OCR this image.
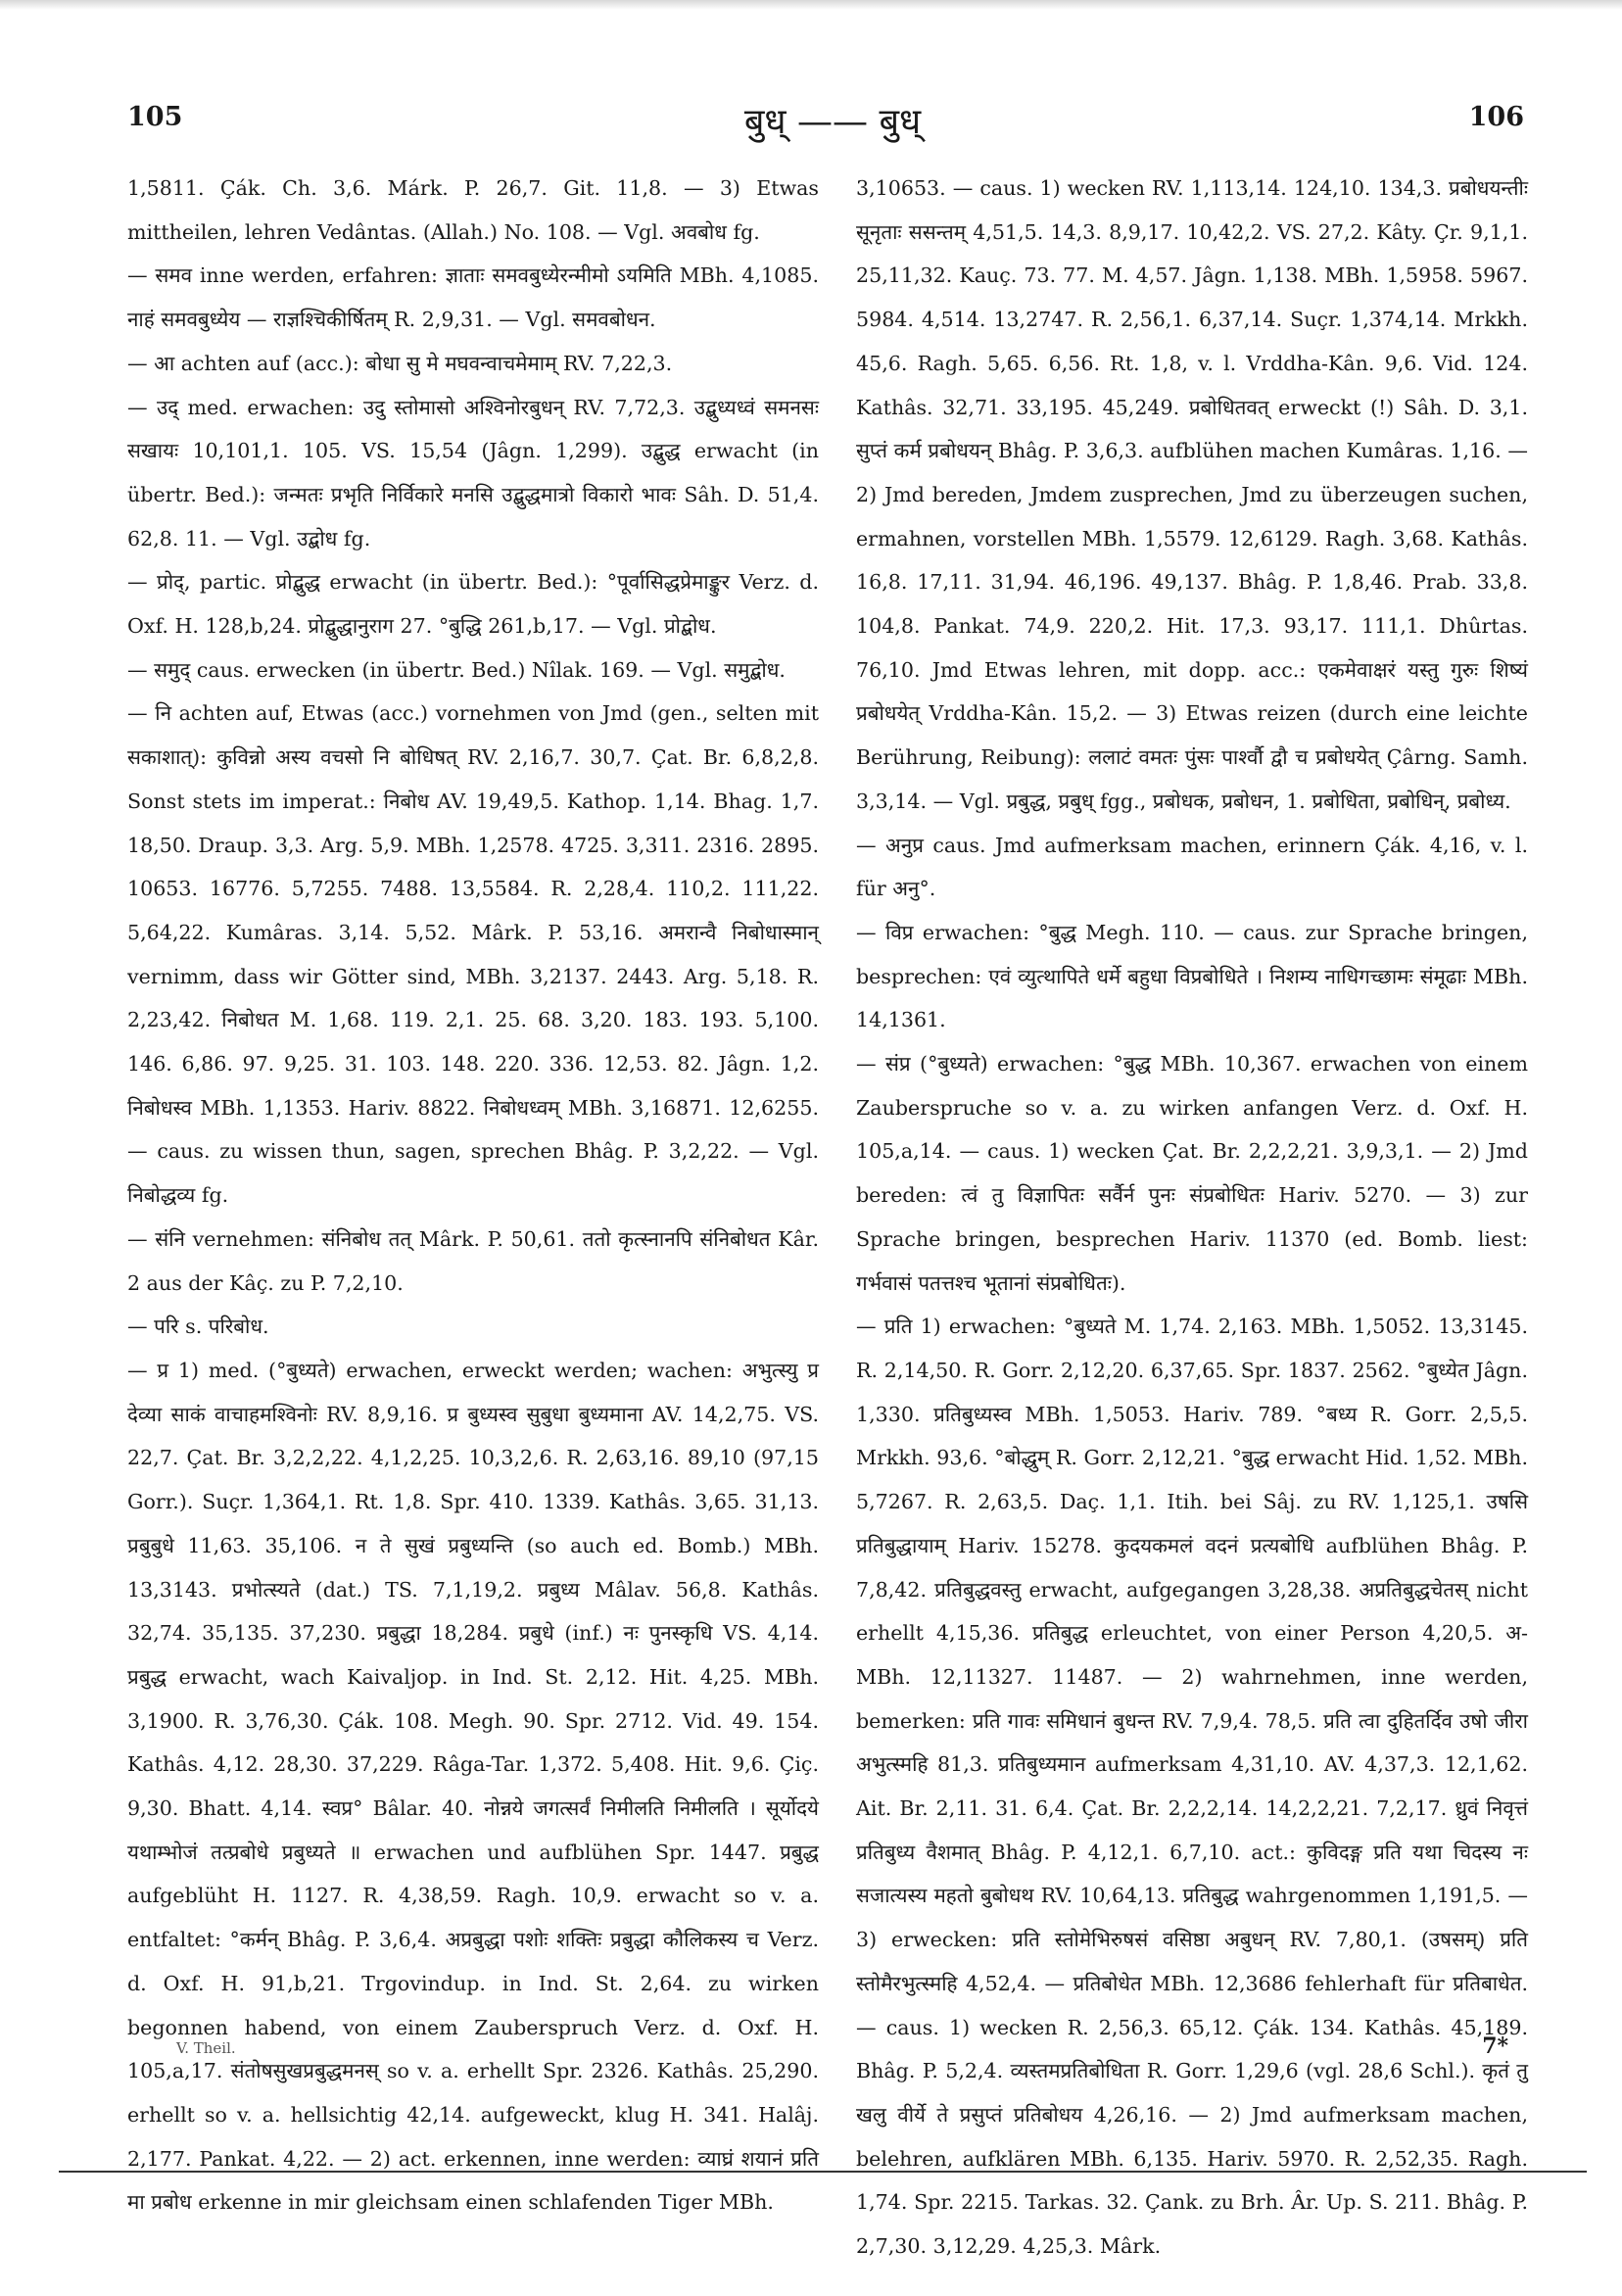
105	बुध् —— बुध्	106

1,5811. Çák. Ch. 3,6. Márk. P. 26,7. Git. 11,8. — 3) Etwas mittheilen, lehren Vedântas. (Allah.) No. 108. — Vgl. अवबोध fg.

— समव inne werden, erfahren: ज्ञाताः समवबुध्येरन्मीमो ऽयमिति MBh. 4,1085. नाहं समवबुध्येय — राज्ञश्चिकीर्षितम् R. 2,9,31. — Vgl. समवबोधन.

— आ achten auf (acc.): बोधा सु मे मघवन्वाचमेमाम् RV. 7,22,3.

— उद् med. erwachen: उदु स्तोमासो अश्विनोरबुधन् RV. 7,72,3. उद्बुध्यध्वं समनसः सखायः 10,101,1. 105. VS. 15,54 (Jâgn. 1,299). उद्बुद्ध erwacht (in übertr. Bed.): जन्मतः प्रभृति निर्विकारे मनसि उद्बुद्धमात्रो विकारो भावः Sâh. D. 51,4. 62,8. 11. — Vgl. उद्बोध fg.

— प्रोद्, partic. प्रोद्बुद्ध erwacht (in übertr. Bed.): °पूर्वासिद्धप्रेमाङ्कुर Verz. d. Oxf. H. 128,b,24. प्रोद्बुद्धानुराग 27. °बुद्धि 261,b,17. — Vgl. प्रोद्बोध.

— समुद् caus. erwecken (in übertr. Bed.) Nîlak. 169. — Vgl. समुद्बोध.

— नि achten auf, Etwas (acc.) vornehmen von Jmd (gen., selten mit सकाशात्): कुविन्नो अस्य वचसो नि बोधिषत् RV. 2,16,7. 30,7. Çat. Br. 6,8,2,8. Sonst stets im imperat.: निबोध AV. 19,49,5. Kathop. 1,14. Bhag. 1,7. 18,50. Draup. 3,3. Arg. 5,9. MBh. 1,2578. 4725. 3,311. 2316. 2895. 10653. 16776. 5,7255. 7488. 13,5584. R. 2,28,4. 110,2. 111,22. 5,64,22. Kumâras. 3,14. 5,52. Mârk. P. 53,16. अमरान्वै निबोधास्मान् vernimm, dass wir Götter sind, MBh. 3,2137. 2443. Arg. 5,18. R. 2,23,42. निबोधत M. 1,68. 119. 2,1. 25. 68. 3,20. 183. 193. 5,100. 146. 6,86. 97. 9,25. 31. 103. 148. 220. 336. 12,53. 82. Jâgn. 1,2. निबोधस्व MBh. 1,1353. Hariv. 8822. निबोधध्वम् MBh. 3,16871. 12,6255. — caus. zu wissen thun, sagen, sprechen Bhâg. P. 3,2,22. — Vgl. निबोद्धव्य fg.

— संनि vernehmen: संनिबोध तत् Mârk. P. 50,61. ततो कृत्स्नानपि संनिबोधत Kâr. 2 aus der Kâç. zu P. 7,2,10.

— परि s. परिबोध.

— प्र 1) med. (°बुध्यते) erwachen, erweckt werden; wachen: अभुत्स्यु प्र देव्या साकं वाचाहमश्विनोः RV. 8,9,16. प्र बुध्यस्व सुबुधा बुध्यमाना AV. 14,2,75. VS. 22,7. Çat. Br. 3,2,2,22. 4,1,2,25. 10,3,2,6. R. 2,63,16. 89,10 (97,15 Gorr.). Suçr. 1,364,1. Rt. 1,8. Spr. 410. 1339. Kathâs. 3,65. 31,13. प्रबुबुधे 11,63. 35,106. न ते सुखं प्रबुध्यन्ति (so auch ed. Bomb.) MBh. 13,3143. प्रभोत्स्यते (dat.) TS. 7,1,19,2. प्रबुध्य Mâlav. 56,8. Kathâs. 32,74. 35,135. 37,230. प्रबुद्धा 18,284. प्रबुधे (inf.) नः पुनस्कृधि VS. 4,14. प्रबुद्ध erwacht, wach Kaivaljop. in Ind. St. 2,12. Hit. 4,25. MBh. 3,1900. R. 3,76,30. Çák. 108. Megh. 90. Spr. 2712. Vid. 49. 154. Kathâs. 4,12. 28,30. 37,229. Râga-Tar. 1,372. 5,408. Hit. 9,6. Çiç. 9,30. Bhatt. 4,14. स्वप्र° Bâlar. 40. नोन्नये जगत्सर्वं निमीलति निमीलति । सूर्योदये यथाम्भोजं तत्प्रबोधे प्रबुध्यते ॥ erwachen und aufblühen Spr. 1447. प्रबुद्ध aufgeblüht H. 1127. R. 4,38,59. Ragh. 10,9. erwacht so v. a. entfaltet: °कर्मन् Bhâg. P. 3,6,4. अप्रबुद्धा पशोः शक्तिः प्रबुद्धा कौलिकस्य च Verz. d. Oxf. H. 91,b,21. Trgovindup. in Ind. St. 2,64. zu wirken begonnen habend, von einem Zauberspruch Verz. d. Oxf. H. 105,a,17. संतोषसुखप्रबुद्धमनस् so v. a. erhellt Spr. 2326. Kathâs. 25,290. erhellt so v. a. hellsichtig 42,14. aufgeweckt, klug H. 341. Halâj. 2,177. Pankat. 4,22. — 2) act. erkennen, inne werden: व्याघ्रं शयानं प्रति मा प्रबोध erkenne in mir gleichsam einen schlafenden Tiger MBh.

3,10653. — caus. 1) wecken RV. 1,113,14. 124,10. 134,3. प्रबोधयन्तीः सूनृताः ससन्तम् 4,51,5. 14,3. 8,9,17. 10,42,2. VS. 27,2. Kâty. Çr. 9,1,1. 25,11,32. Kauç. 73. 77. M. 4,57. Jâgn. 1,138. MBh. 1,5958. 5967. 5984. 4,514. 13,2747. R. 2,56,1. 6,37,14. Suçr. 1,374,14. Mrkkh. 45,6. Ragh. 5,65. 6,56. Rt. 1,8, v. l. Vrddha-Kân. 9,6. Vid. 124. Kathâs. 32,71. 33,195. 45,249. प्रबोधितवत् erweckt (!) Sâh. D. 3,1. सुप्तं कर्म प्रबोधयन् Bhâg. P. 3,6,3. aufblühen machen Kumâras. 1,16. — 2) Jmd bereden, Jmdem zusprechen, Jmd zu überzeugen suchen, ermahnen, vorstellen MBh. 1,5579. 12,6129. Ragh. 3,68. Kathâs. 16,8. 17,11. 31,94. 46,196. 49,137. Bhâg. P. 1,8,46. Prab. 33,8. 104,8. Pankat. 74,9. 220,2. Hit. 17,3. 93,17. 111,1. Dhûrtas. 76,10. Jmd Etwas lehren, mit dopp. acc.: एकमेवाक्षरं यस्तु गुरुः शिष्यं प्रबोधयेत् Vrddha-Kân. 15,2. — 3) Etwas reizen (durch eine leichte Berührung, Reibung): ललाटं वमतः पुंसः पार्श्वौ द्वौ च प्रबोधयेत् Çârng. Samh. 3,3,14. — Vgl. प्रबुद्ध, प्रबुध् fgg., प्रबोधक, प्रबोधन, 1. प्रबोधिता, प्रबोधिन्, प्रबोध्य.

— अनुप्र caus. Jmd aufmerksam machen, erinnern Çák. 4,16, v. l. für अनु°.

— विप्र erwachen: °बुद्ध Megh. 110. — caus. zur Sprache bringen, besprechen: एवं व्युत्थापिते धर्मे बहुधा विप्रबोधिते । निशम्य नाधिगच्छामः संमूढाः MBh. 14,1361.

— संप्र (°बुध्यते) erwachen: °बुद्ध MBh. 10,367. erwachen von einem Zauberspruche so v. a. zu wirken anfangen Verz. d. Oxf. H. 105,a,14. — caus. 1) wecken Çat. Br. 2,2,2,21. 3,9,3,1. — 2) Jmd bereden: त्वं तु विज्ञापितः सर्वैर्न पुनः संप्रबोधितः Hariv. 5270. — 3) zur Sprache bringen, besprechen Hariv. 11370 (ed. Bomb. liest: गर्भवासं पतत्तश्च भूतानां संप्रबोधितः).

— प्रति 1) erwachen: °बुध्यते M. 1,74. 2,163. MBh. 1,5052. 13,3145. R. 2,14,50. R. Gorr. 2,12,20. 6,37,65. Spr. 1837. 2562. °बुध्येत Jâgn. 1,330. प्रतिबुध्यस्व MBh. 1,5053. Hariv. 789. °बध्य R. Gorr. 2,5,5. Mrkkh. 93,6. °बोद्धुम् R. Gorr. 2,12,21. °बुद्ध erwacht Hid. 1,52. MBh. 5,7267. R. 2,63,5. Daç. 1,1. Itih. bei Sâj. zu RV. 1,125,1. उषसि प्रतिबुद्धायाम् Hariv. 15278. कुदयकमलं वदनं प्रत्यबोधि aufblühen Bhâg. P. 7,8,42. प्रतिबुद्धवस्तु erwacht, aufgegangen 3,28,38. अप्रतिबुद्धचेतस् nicht erhellt 4,15,36. प्रतिबुद्ध erleuchtet, von einer Person 4,20,5. अ- MBh. 12,11327. 11487. — 2) wahrnehmen, inne werden, bemerken: प्रति गावः समिधानं बुधन्त RV. 7,9,4. 78,5. प्रति त्वा दुहितर्दिव उषो जीरा अभुत्स्महि 81,3. प्रतिबुध्यमान aufmerksam 4,31,10. AV. 4,37,3. 12,1,62. Ait. Br. 2,11. 31. 6,4. Çat. Br. 2,2,2,14. 14,2,2,21. 7,2,17. ध्रुवं निवृत्तं प्रतिबुध्य वैशमात् Bhâg. P. 4,12,1. 6,7,10. act.: कुविदङ्ग प्रति यथा चिदस्य नः सजात्यस्य महतो बुबोधथ RV. 10,64,13. प्रतिबुद्ध wahrgenommen 1,191,5. — 3) erwecken: प्रति स्तोमेभिरुषसं वसिष्ठा अबुधन् RV. 7,80,1. (उषसम्) प्रति स्तोमैरभुत्स्महि 4,52,4. — प्रतिबोधेत MBh. 12,3686 fehlerhaft für प्रतिबाधेत. — caus. 1) wecken R. 2,56,3. 65,12. Çák. 134. Kathâs. 45,189. Bhâg. P. 5,2,4. व्यस्तमप्रतिबोधिता R. Gorr. 1,29,6 (vgl. 28,6 Schl.). कृतं तु खलु वीर्ये ते प्रसुप्तं प्रतिबोधय 4,26,16. — 2) Jmd aufmerksam machen, belehren, aufklären MBh. 6,135. Hariv. 5970. R. 2,52,35. Ragh. 1,74. Spr. 2215. Tarkas. 32. Çank. zu Brh. Âr. Up. S. 211. Bhâg. P. 2,7,30. 3,12,29. 4,25,3. Mârk.

V. Theil.	7*
